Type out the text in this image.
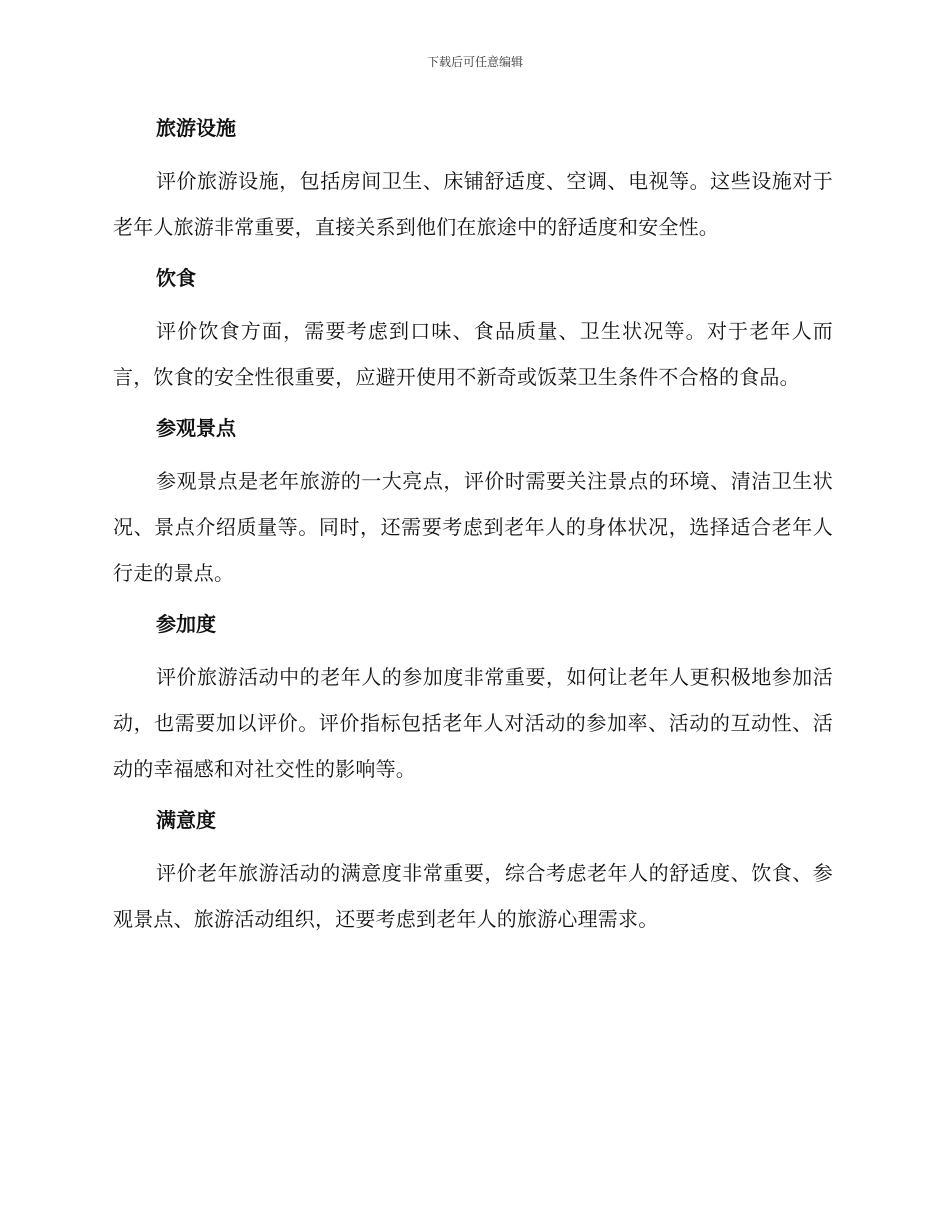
下载后可任意编辑
旅游设施

评价旅游设施，包括房间卫生、床铺舒适度、空调、电视等。这些设施对于老年人旅游非常重要，直接关系到他们在旅途中的舒适度和安全性。

饮食

评价饮食方面，需要考虑到口味、食品质量、卫生状况等。对于老年人而言，饮食的安全性很重要，应避开使用不新奇或饭菜卫生条件不合格的食品。

参观景点

参观景点是老年旅游的一大亮点，评价时需要关注景点的环境、清洁卫生状况、景点介绍质量等。同时，还需要考虑到老年人的身体状况，选择适合老年人行走的景点。

参加度

评价旅游活动中的老年人的参加度非常重要，如何让老年人更积极地参加活动，也需要加以评价。评价指标包括老年人对活动的参加率、活动的互动性、活动的幸福感和对社交性的影响等。

满意度

评价老年旅游活动的满意度非常重要，综合考虑老年人的舒适度、饮食、参观景点、旅游活动组织，还要考虑到老年人的旅游心理需求。
